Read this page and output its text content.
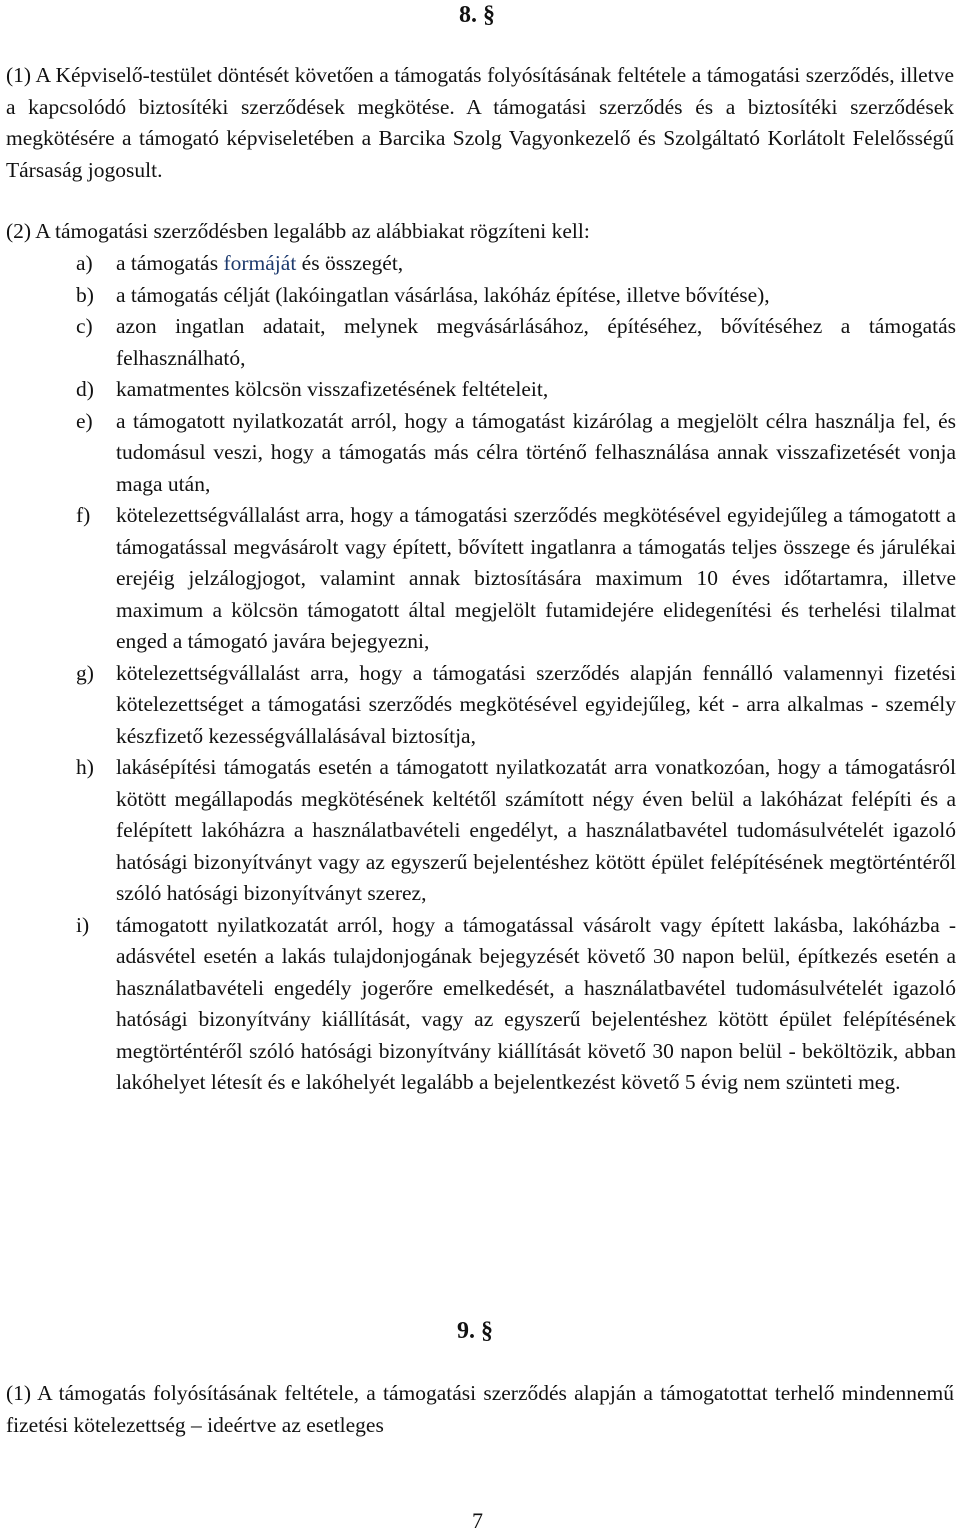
8. §

(1) A Képviselő-testület döntését követően a támogatás folyósításának feltétele a támogatási szerződés, illetve a kapcsolódó biztosítéki szerződések megkötése. A támogatási szerződés és a biztosítéki szerződések megkötésére a támogató képviseletében a Barcika Szolg Vagyonkezelő és Szolgáltató Korlátolt Felelősségű Társaság jogosult.

(2) A támogatási szerződésben legalább az alábbiakat rögzíteni kell:

a)	a támogatás formáját és összegét,
b)	a támogatás célját (lakóingatlan vásárlása, lakóház építése, illetve bővítése),
c)	azon ingatlan adatait, melynek megvásárlásához, építéséhez, bővítéséhez a támogatás felhasználható,
d)	kamatmentes kölcsön visszafizetésének feltételeit,
e)	a támogatott nyilatkozatát arról, hogy a támogatást kizárólag a megjelölt célra használja fel, és tudomásul veszi, hogy a támogatás más célra történő felhasználása annak visszafizetését vonja maga után,
f)	kötelezettségvállalást arra, hogy a támogatási szerződés megkötésével egyidejűleg a támogatott a támogatással megvásárolt vagy épített, bővített ingatlanra a támogatás teljes összege és járulékai erejéig jelzálogjogot, valamint annak biztosítására maximum 10 éves időtartamra, illetve maximum a kölcsön támogatott által megjelölt futamidejére elidegenítési és terhelési tilalmat enged a támogató javára bejegyezni,
g)	kötelezettségvállalást arra, hogy a támogatási szerződés alapján fennálló valamennyi fizetési kötelezettséget a támogatási szerződés megkötésével egyidejűleg, két - arra alkalmas - személy készfizető kezességvállalásával biztosítja,
h)	lakásépítési támogatás esetén a támogatott nyilatkozatát arra vonatkozóan, hogy a támogatásról kötött megállapodás megkötésének keltétől számított négy éven belül a lakóházat felépíti és a felépített lakóházra a használatbavételi engedélyt, a használatbavétel tudomásulvételét igazoló hatósági bizonyítványt vagy az egyszerű bejelentéshez kötött épület felépítésének megtörténtéről szóló hatósági bizonyítványt szerez,
i)	támogatott nyilatkozatát arról, hogy a támogatással vásárolt vagy épített lakásba, lakóházba - adásvétel esetén a lakás tulajdonjogának bejegyzését követő 30 napon belül, építkezés esetén a használatbavételi engedély jogerőre emelkedését, a használatbavétel tudomásulvételét igazoló hatósági bizonyítvány kiállítását, vagy az egyszerű bejelentéshez kötött épület felépítésének megtörténtéről szóló hatósági bizonyítvány kiállítását követő 30 napon belül - beköltözik, abban lakóhelyet létesít és e lakóhelyét legalább a bejelentkezést követő 5 évig nem szünteti meg.
9. §

(1) A támogatás folyósításának feltétele, a támogatási szerződés alapján a támogatottat terhelő mindennemű fizetési kötelezettség – ideértve az esetleges

7
